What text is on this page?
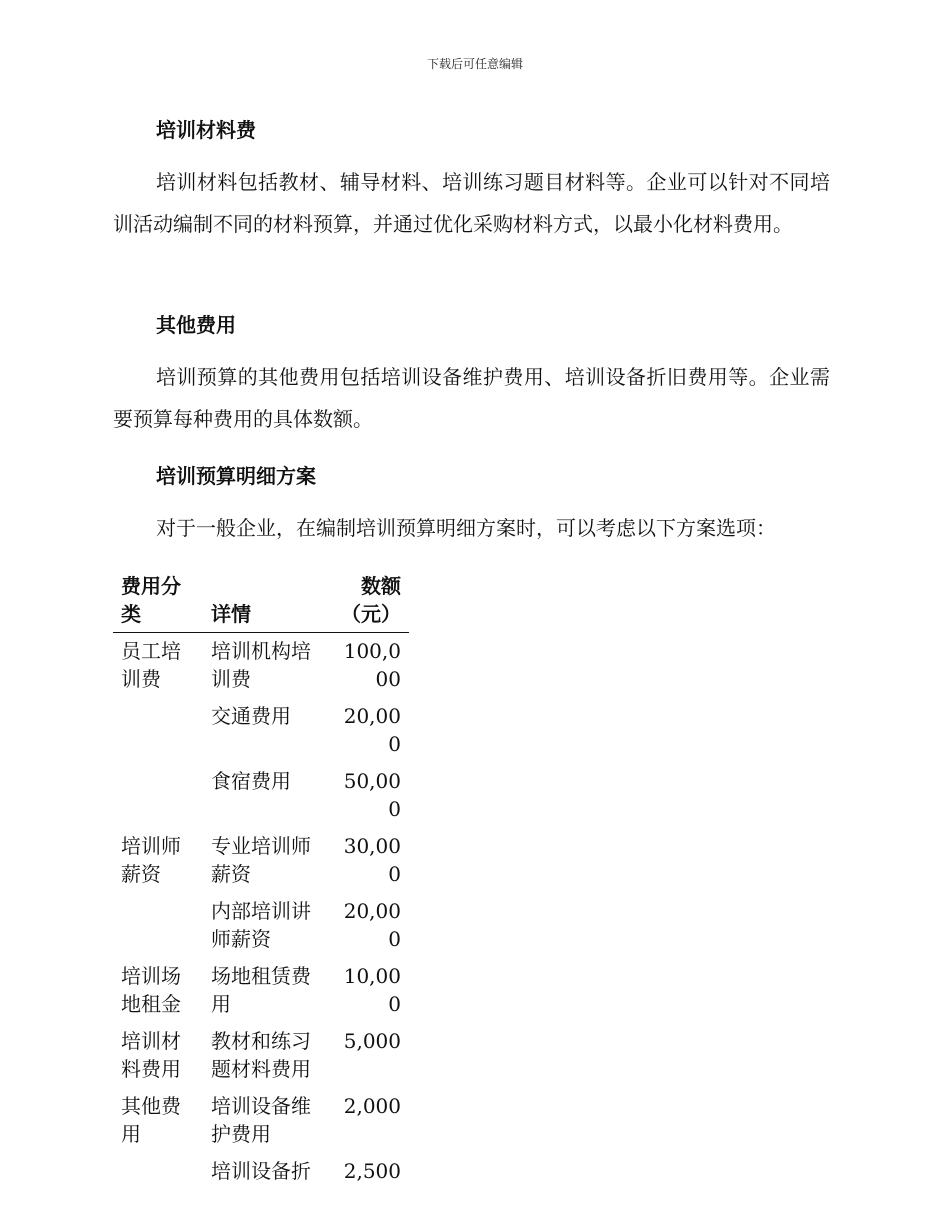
下载后可任意编辑
培训材料费
培训材料包括教材、辅导材料、培训练习题目材料等。企业可以针对不同培训活动编制不同的材料预算，并通过优化采购材料方式，以最小化材料费用。
其他费用
培训预算的其他费用包括培训设备维护费用、培训设备折旧费用等。企业需要预算每种费用的具体数额。
培训预算明细方案
对于一般企业，在编制培训预算明细方案时，可以考虑以下方案选项：
费用分类	详情	数额（元）
员工培训费	培训机构培训费	100,000
	交通费用	20,000
	食宿费用	50,000
培训师薪资	专业培训师薪资	30,000
	内部培训讲师薪资	20,000
培训场地租金	场地租赁费用	10,000
培训材料费用	教材和练习题材料费用	5,000
其他费用	培训设备维护费用	2,000
	培训设备折	2,500
